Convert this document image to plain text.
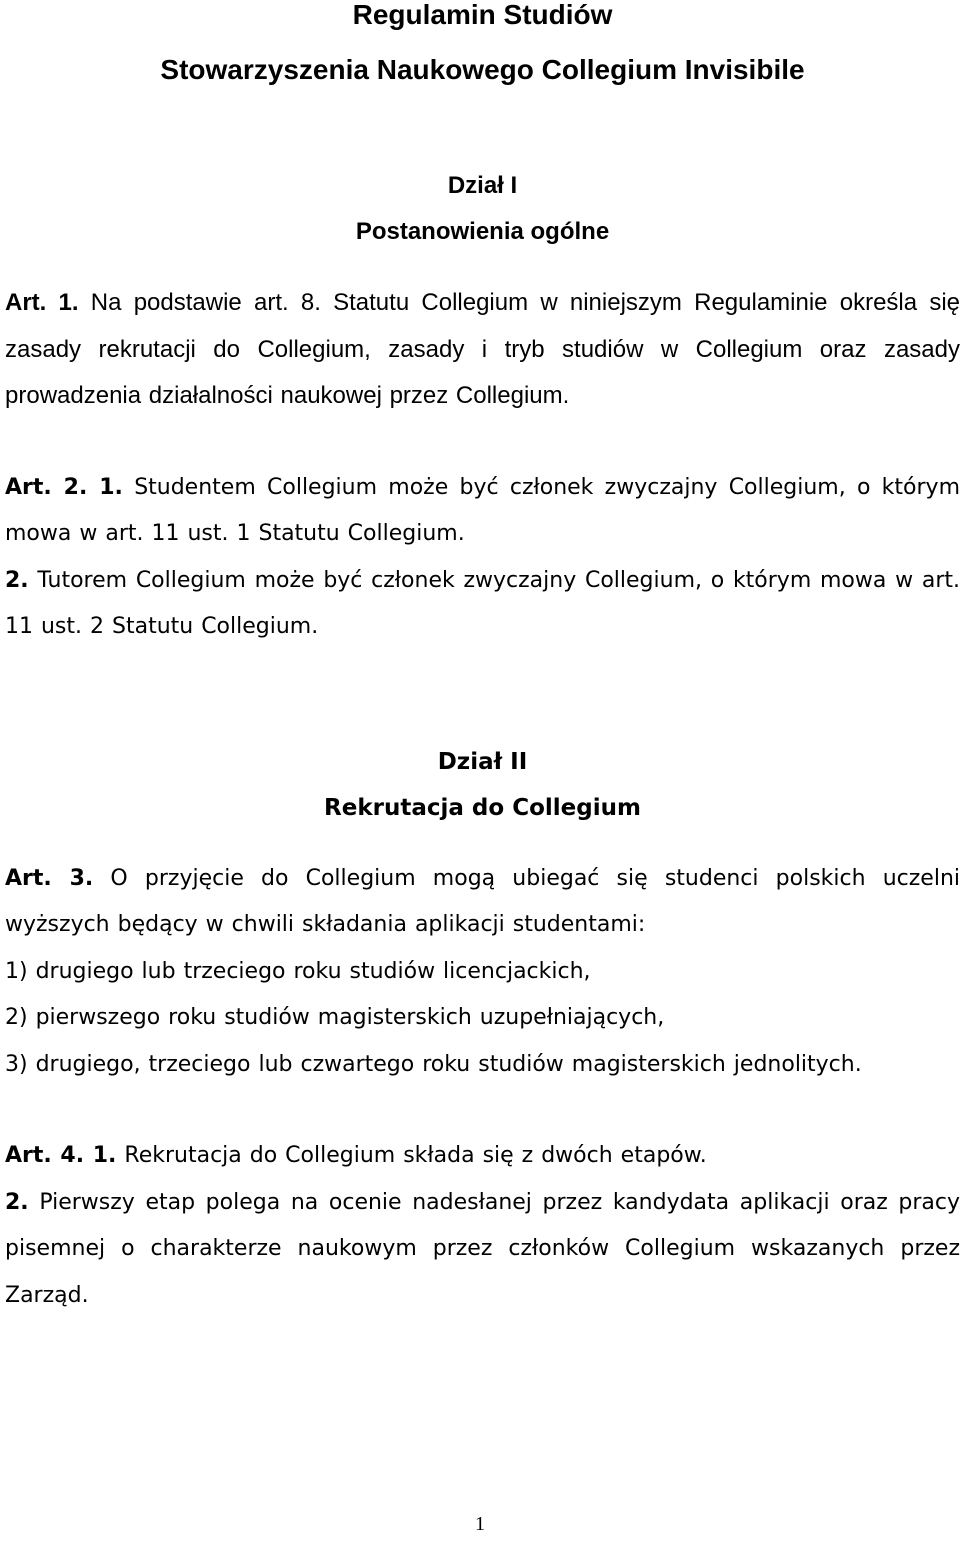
Regulamin Studiów

Stowarzyszenia Naukowego Collegium Invisibile

Dział I

Postanowienia ogólne

Art. 1. Na podstawie art. 8. Statutu Collegium w niniejszym Regulaminie określa się zasady rekrutacji do Collegium, zasady i tryb studiów w Collegium oraz zasady prowadzenia działalności naukowej przez Collegium.

Art. 2. 1. Studentem Collegium może być członek zwyczajny Collegium, o którym mowa w art. 11 ust. 1 Statutu Collegium.

2. Tutorem Collegium może być członek zwyczajny Collegium, o którym mowa w art. 11 ust. 2 Statutu Collegium.

Dział II

Rekrutacja do Collegium

Art. 3. O przyjęcie do Collegium mogą ubiegać się studenci polskich uczelni wyższych będący w chwili składania aplikacji studentami:

1) drugiego lub trzeciego roku studiów licencjackich,

2) pierwszego roku studiów magisterskich uzupełniających,

3) drugiego, trzeciego lub czwartego roku studiów magisterskich jednolitych.

Art. 4. 1. Rekrutacja do Collegium składa się z dwóch etapów.

2. Pierwszy etap polega na ocenie nadesłanej przez kandydata aplikacji oraz pracy pisemnej o charakterze naukowym przez członków Collegium wskazanych przez Zarząd.

1
